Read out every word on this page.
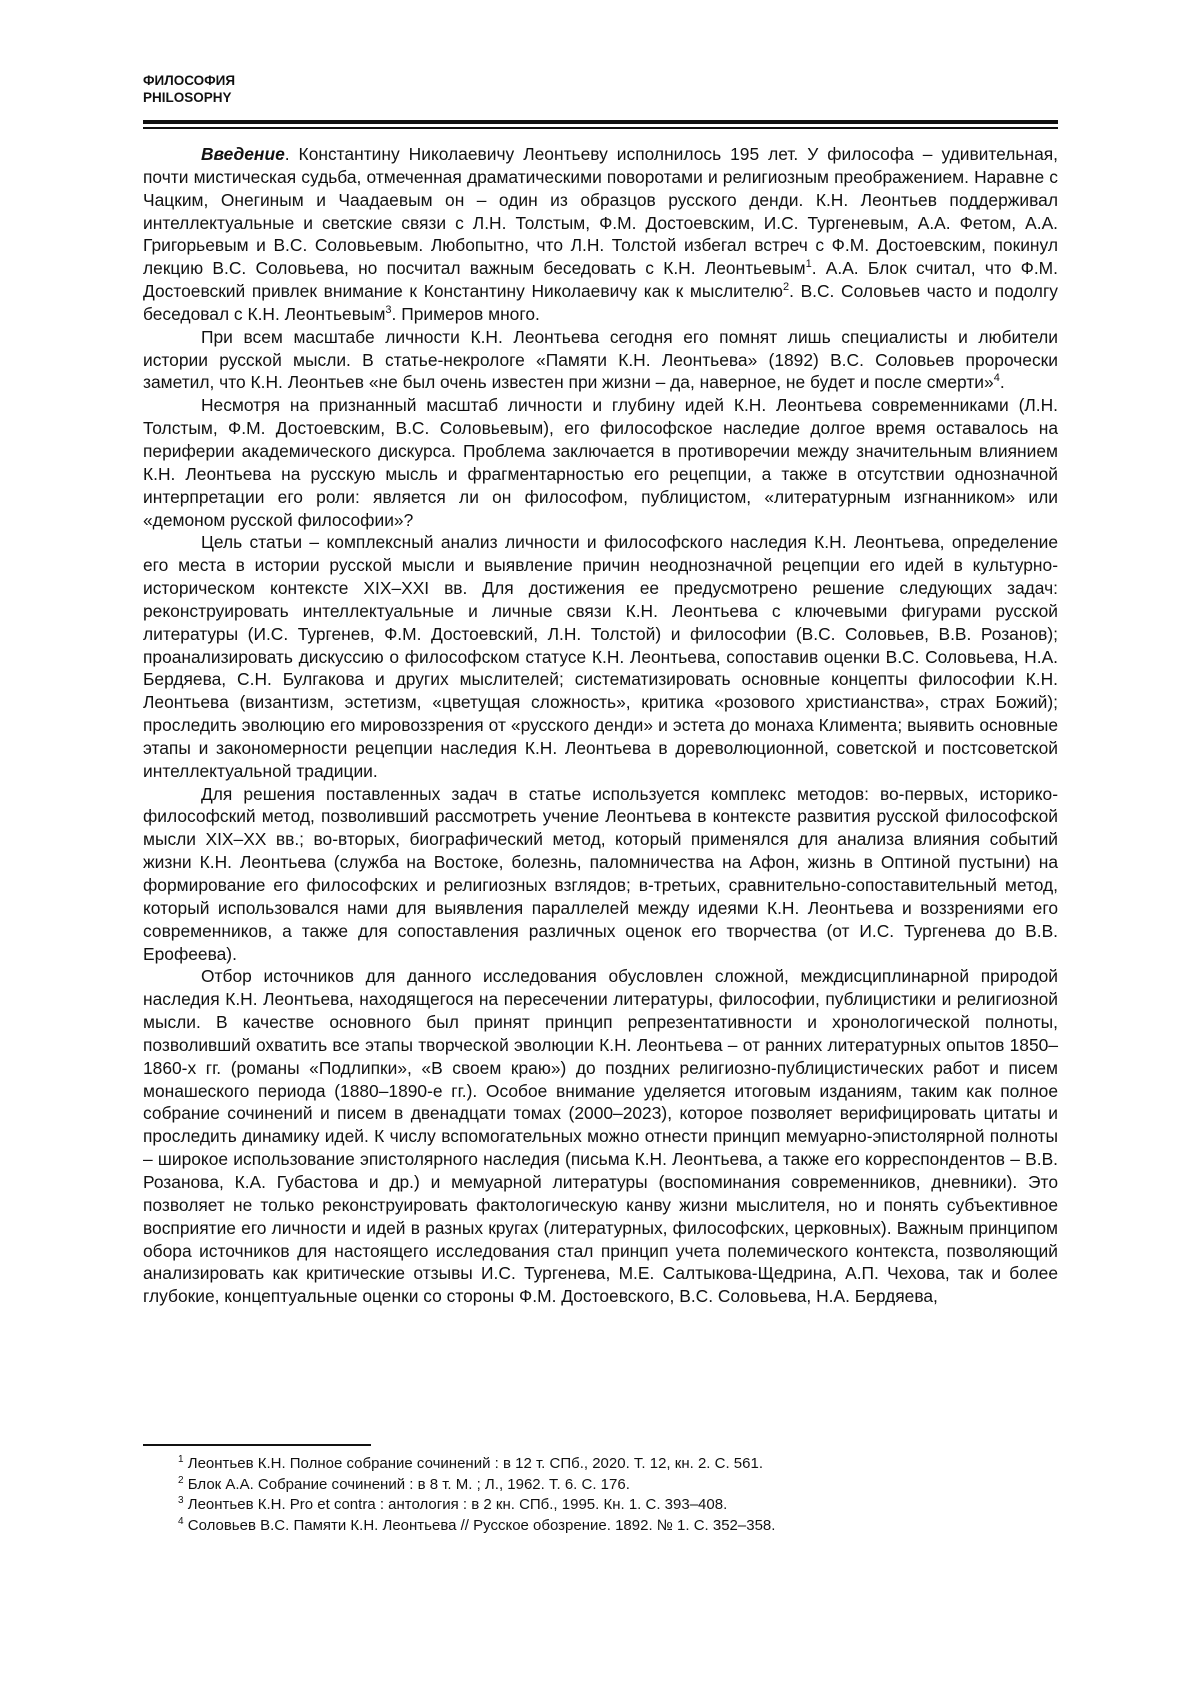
ФИЛОСОФИЯ
PHILOSOPHY

Введение. Константину Николаевичу Леонтьеву исполнилось 195 лет. У философа – удивительная, почти мистическая судьба, отмеченная драматическими поворотами и религиозным преображением. Наравне с Чацким, Онегиным и Чаадаевым он – один из образцов русского денди. К.Н. Леонтьев поддерживал интеллектуальные и светские связи с Л.Н. Толстым, Ф.М. Достоевским, И.С. Тургеневым, А.А. Фетом, А.А. Григорьевым и В.С. Соловьевым. Любопытно, что Л.Н. Толстой избегал встреч с Ф.М. Достоевским, покинул лекцию В.С. Соловьева, но посчитал важным беседовать с К.Н. Леонтьевым$^1$. А.А. Блок считал, что Ф.М. Достоевский привлек внимание к Константину Николаевичу как к мыслителю$^2$. В.С. Соловьев часто и подолгу беседовал с К.Н. Леонтьевым$^3$. Примеров много.

При всем масштабе личности К.Н. Леонтьева сегодня его помнят лишь специалисты и любители истории русской мысли. В статье-некрологе «Памяти К.Н. Леонтьева» (1892) В.С. Соловьев пророчески заметил, что К.Н. Леонтьев «не был очень известен при жизни – да, наверное, не будет и после смерти»$^4$.

Несмотря на признанный масштаб личности и глубину идей К.Н. Леонтьева современниками (Л.Н. Толстым, Ф.М. Достоевским, В.С. Соловьевым), его философское наследие долгое время оставалось на периферии академического дискурса. Проблема заключается в противоречии между значительным влиянием К.Н. Леонтьева на русскую мысль и фрагментарностью его рецепции, а также в отсутствии однозначной интерпретации его роли: является ли он философом, публицистом, «литературным изгнанником» или «демоном русской философии»?

Цель статьи – комплексный анализ личности и философского наследия К.Н. Леонтьева, определение его места в истории русской мысли и выявление причин неоднозначной рецепции его идей в культурно-историческом контексте XIX–XXI вв. Для достижения ее предусмотрено решение следующих задач: реконструировать интеллектуальные и личные связи К.Н. Леонтьева с ключевыми фигурами русской литературы (И.С. Тургенев, Ф.М. Достоевский, Л.Н. Толстой) и философии (В.С. Соловьев, В.В. Розанов); проанализировать дискуссию о философском статусе К.Н. Леонтьева, сопоставив оценки В.С. Соловьева, Н.А. Бердяева, С.Н. Булгакова и других мыслителей; систематизировать основные концепты философии К.Н. Леонтьева (византизм, эстетизм, «цветущая сложность», критика «розового христианства», страх Божий); проследить эволюцию его мировоззрения от «русского денди» и эстета до монаха Климента; выявить основные этапы и закономерности рецепции наследия К.Н. Леонтьева в дореволюционной, советской и постсоветской интеллектуальной традиции.

Для решения поставленных задач в статье используется комплекс методов: во-первых, историко-философский метод, позволивший рассмотреть учение Леонтьева в контексте развития русской философской мысли XIX–XX вв.; во-вторых, биографический метод, который применялся для анализа влияния событий жизни К.Н. Леонтьева (служба на Востоке, болезнь, паломничества на Афон, жизнь в Оптиной пустыни) на формирование его философских и религиозных взглядов; в-третьих, сравнительно-сопоставительный метод, который использовался нами для выявления параллелей между идеями К.Н. Леонтьева и воззрениями его современников, а также для сопоставления различных оценок его творчества (от И.С. Тургенева до В.В. Ерофеева).

Отбор источников для данного исследования обусловлен сложной, междисциплинарной природой наследия К.Н. Леонтьева, находящегося на пересечении литературы, философии, публицистики и религиозной мысли. В качестве основного был принят принцип репрезентативности и хронологической полноты, позволивший охватить все этапы творческой эволюции К.Н. Леонтьева – от ранних литературных опытов 1850–1860-х гг. (романы «Подлипки», «В своем краю») до поздних религиозно-публицистических работ и писем монашеского периода (1880–1890-е гг.). Особое внимание уделяется итоговым изданиям, таким как полное собрание сочинений и писем в двенадцати томах (2000–2023), которое позволяет верифицировать цитаты и проследить динамику идей. К числу вспомогательных можно отнести принцип мемуарно-эпистолярной полноты – широкое использование эпистолярного наследия (письма К.Н. Леонтьева, а также его корреспондентов – В.В. Розанова, К.А. Губастова и др.) и мемуарной литературы (воспоминания современников, дневники). Это позволяет не только реконструировать фактологическую канву жизни мыслителя, но и понять субъективное восприятие его личности и идей в разных кругах (литературных, философских, церковных). Важным принципом обора источников для настоящего исследования стал принцип учета полемического контекста, позволяющий анализировать как критические отзывы И.С. Тургенева, М.Е. Салтыкова-Щедрина, А.П. Чехова, так и более глубокие, концептуальные оценки со стороны Ф.М. Достоевского, В.С. Соловьева, Н.А. Бердяева,

$^1$ Леонтьев К.Н. Полное собрание сочинений : в 12 т. СПб., 2020. Т. 12, кн. 2. С. 561.
$^2$ Блок А.А. Собрание сочинений : в 8 т. М. ; Л., 1962. Т. 6. С. 176.
$^3$ Леонтьев К.Н. Pro et contra : антология : в 2 кн. СПб., 1995. Кн. 1. С. 393–408.
$^4$ Соловьев В.С. Памяти К.Н. Леонтьева // Русское обозрение. 1892. № 1. С. 352–358.
